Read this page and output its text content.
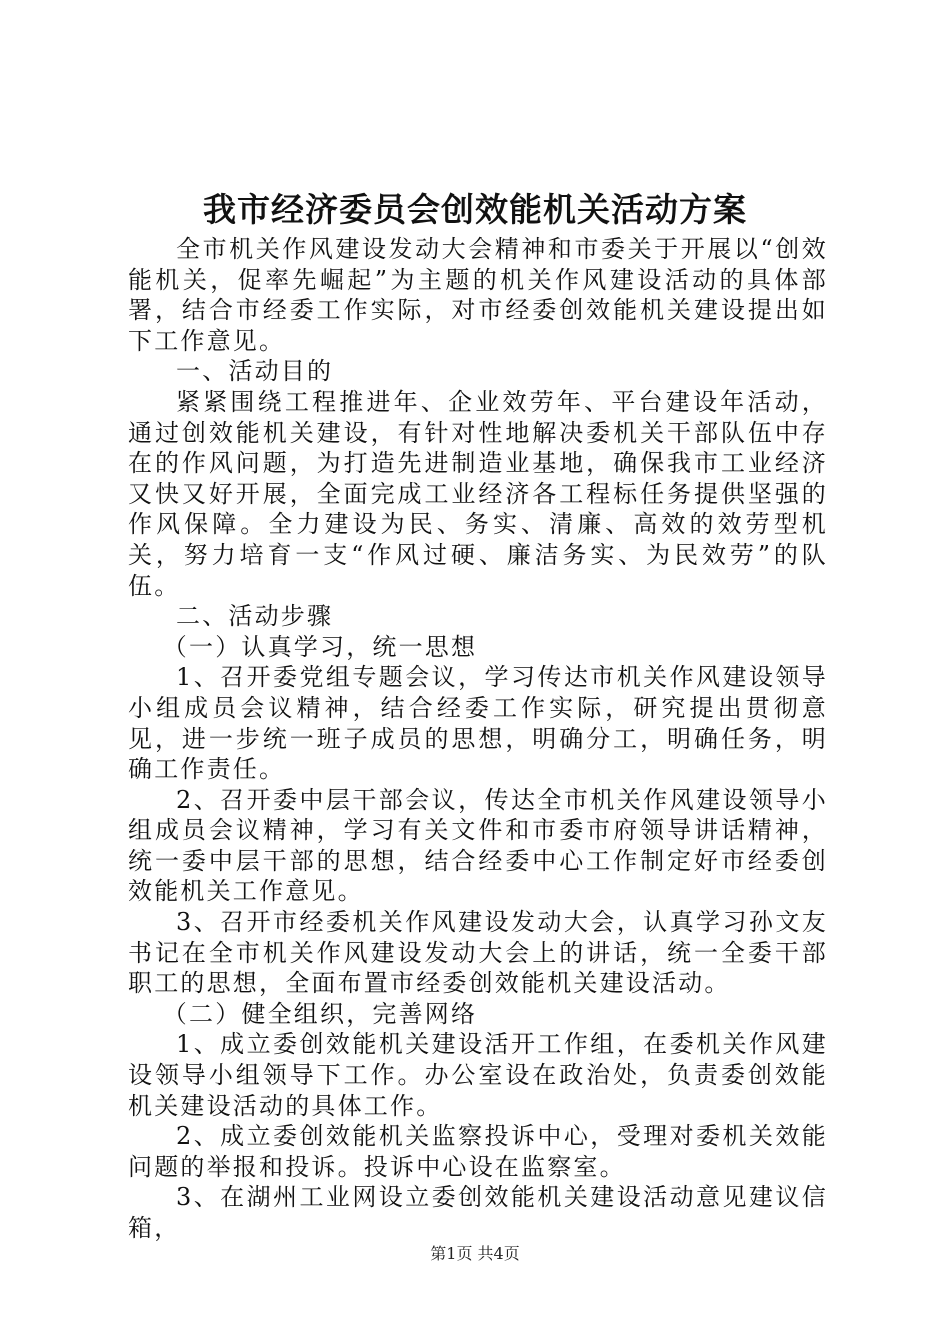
我市经济委员会创效能机关活动方案

全市机关作风建设发动大会精神和市委关于开展以“创效能机关，促率先崛起”为主题的机关作风建设活动的具体部署，结合市经委工作实际，对市经委创效能机关建设提出如下工作意见。

一、活动目的

紧紧围绕工程推进年、企业效劳年、平台建设年活动，通过创效能机关建设，有针对性地解决委机关干部队伍中存在的作风问题，为打造先进制造业基地，确保我市工业经济又快又好开展，全面完成工业经济各工程标任务提供坚强的作风保障。全力建设为民、务实、清廉、高效的效劳型机关，努力培育一支“作风过硬、廉洁务实、为民效劳”的队伍。

二、活动步骤

（一）认真学习，统一思想

1、召开委党组专题会议，学习传达市机关作风建设领导小组成员会议精神，结合经委工作实际，研究提出贯彻意见，进一步统一班子成员的思想，明确分工，明确任务，明确工作责任。

2、召开委中层干部会议，传达全市机关作风建设领导小组成员会议精神，学习有关文件和市委市府领导讲话精神，统一委中层干部的思想，结合经委中心工作制定好市经委创效能机关工作意见。

3、召开市经委机关作风建设发动大会，认真学习孙文友书记在全市机关作风建设发动大会上的讲话，统一全委干部职工的思想，全面布置市经委创效能机关建设活动。

（二）健全组织，完善网络

1、成立委创效能机关建设活开工作组，在委机关作风建设领导小组领导下工作。办公室设在政治处，负责委创效能机关建设活动的具体工作。

2、成立委创效能机关监察投诉中心，受理对委机关效能问题的举报和投诉。投诉中心设在监察室。

3、在湖州工业网设立委创效能机关建设活动意见建议信箱，

第1页 共4页
